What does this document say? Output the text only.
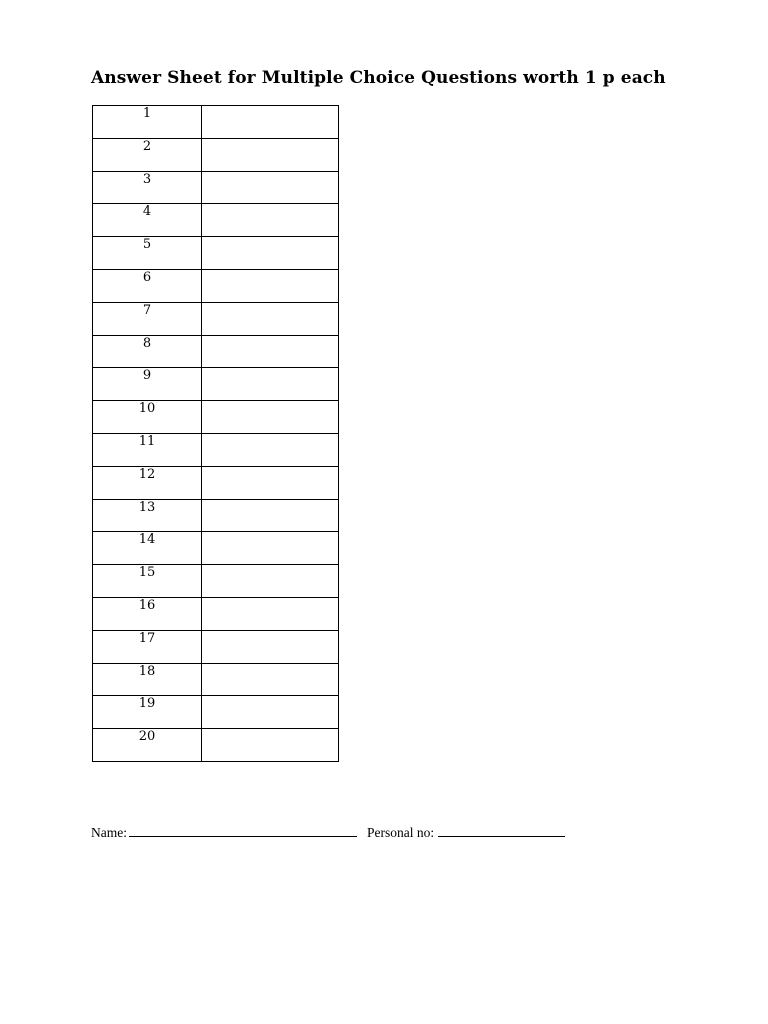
Answer Sheet for Multiple Choice Questions worth 1 p each
1	
2	
3	
4	
5	
6	
7	
8	
9	
10	
11	
12	
13	
14	
15	
16	
17	
18	
19	
20	
Name:	Personal no:
